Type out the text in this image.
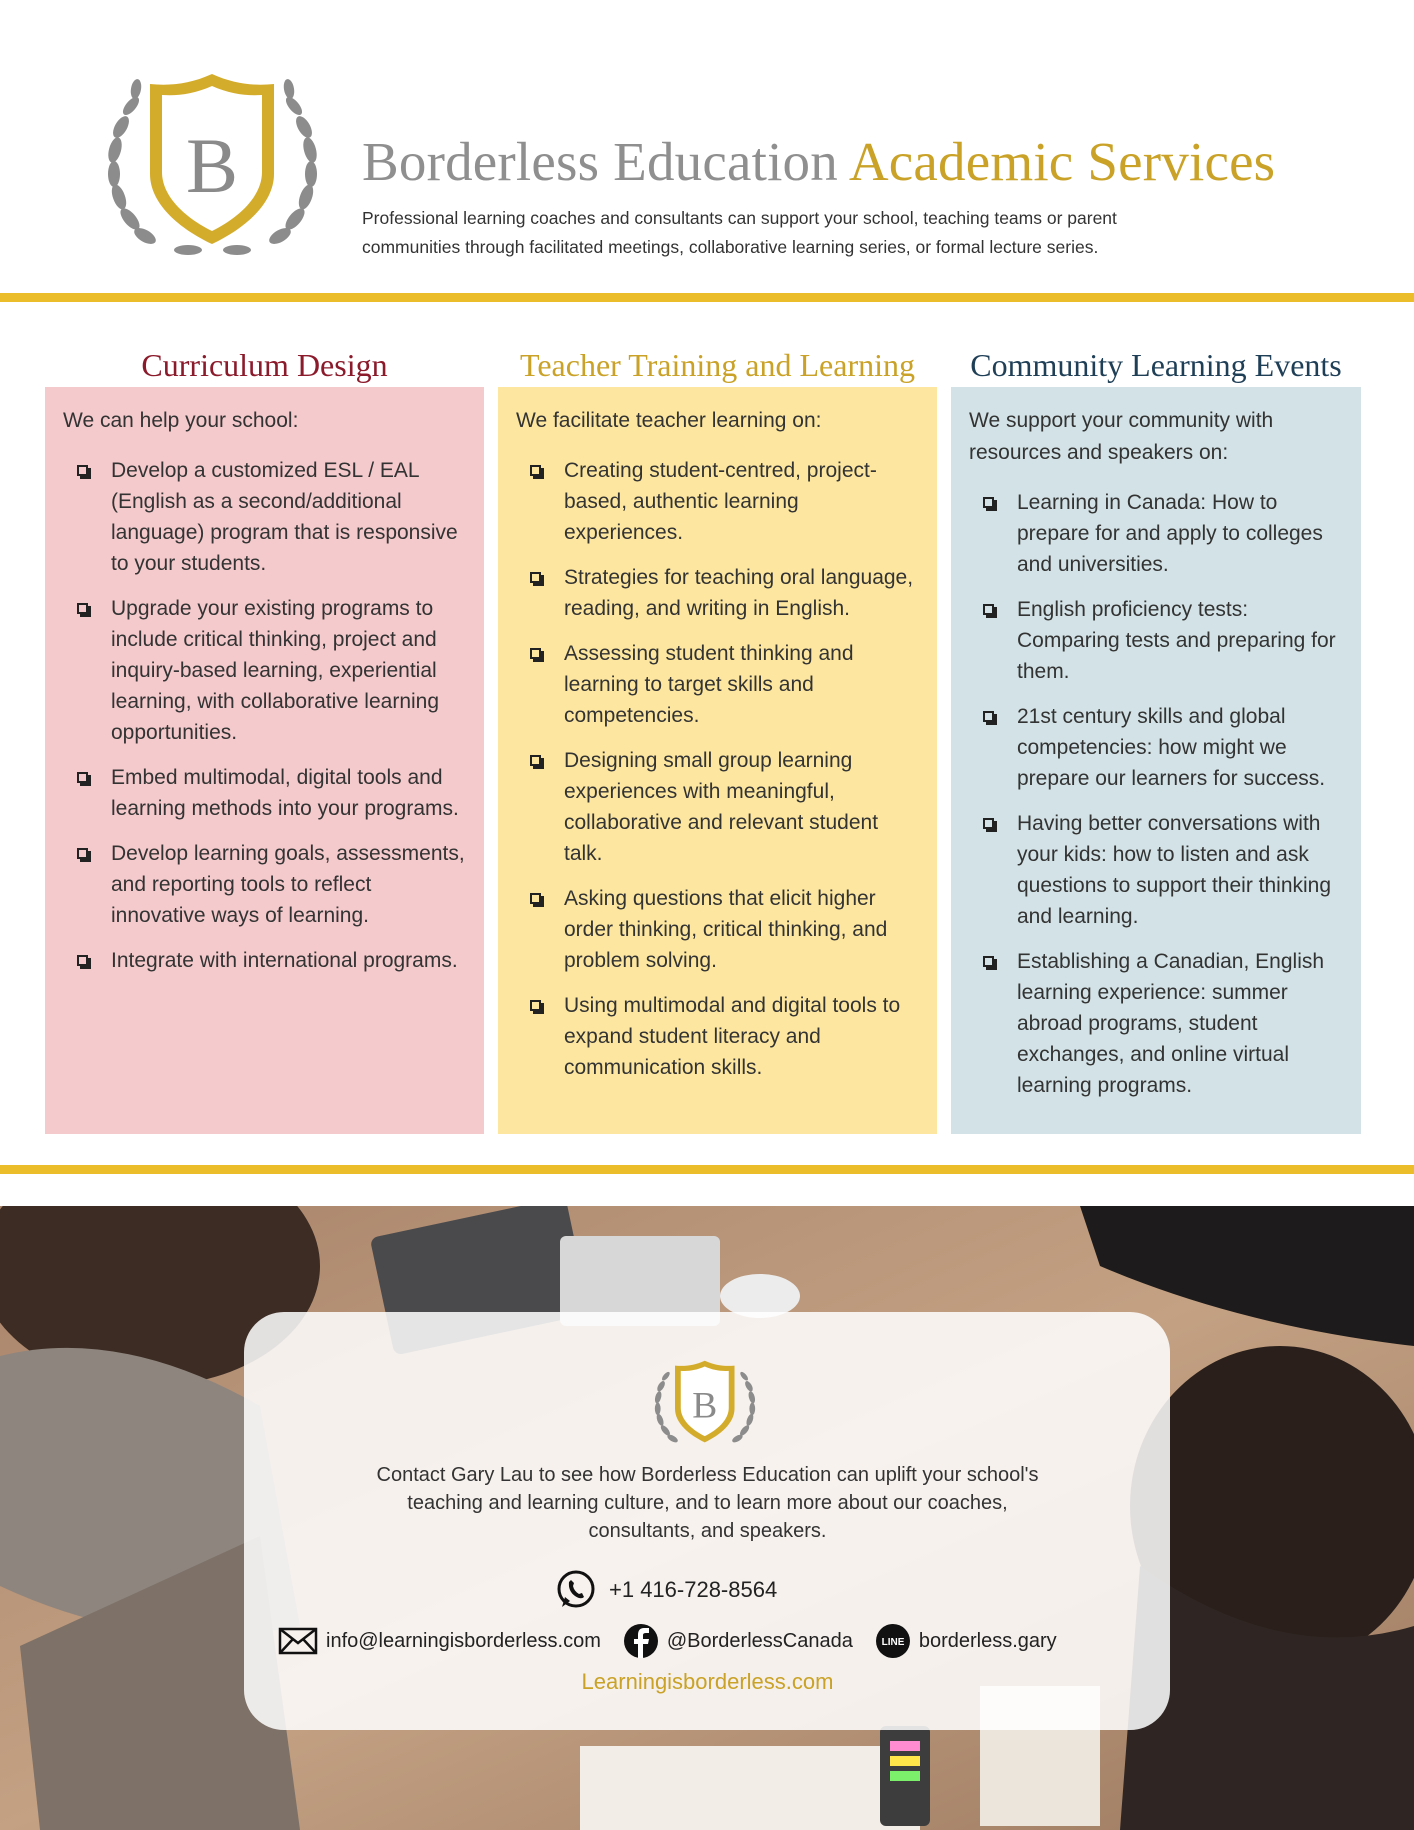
B Borderless Education Academic Services

Professional learning coaches and consultants can support your school, teaching teams or parent
communities through facilitated meetings, collaborative learning series, or formal lecture series.

Curriculum Design

We can help your school:

Develop a customized ESL / EAL (English as a second/additional language) program that is responsive to your students.
Upgrade your existing programs to include critical thinking, project and inquiry-based learning, experiential learning, with collaborative learning opportunities.
Embed multimodal, digital tools and learning methods into your programs.
Develop learning goals, assessments, and reporting tools to reflect innovative ways of learning.
Integrate with international programs.
Teacher Training and Learning

We facilitate teacher learning on:

Creating student-centred, project-based, authentic learning experiences.
Strategies for teaching oral language, reading, and writing in English.
Assessing student thinking and learning to target skills and competencies.
Designing small group learning experiences with meaningful, collaborative and relevant student talk.
Asking questions that elicit higher order thinking, critical thinking, and problem solving.
Using multimodal and digital tools to expand student literacy and communication skills.
Community Learning Events

We support your community with resources and speakers on:

Learning in Canada: How to prepare for and apply to colleges and universities.
English proficiency tests: Comparing tests and preparing for them.
21st century skills and global competencies: how might we prepare our learners for success.
Having better conversations with your kids: how to listen and ask questions to support their thinking and learning.
Establishing a Canadian, English learning experience: summer abroad programs, student exchanges, and online virtual learning programs.
B

Contact Gary Lau to see how Borderless Education can uplift your school's teaching and learning culture, and to learn more about our coaches, consultants, and speakers.

+1 416-728-8564
info@learningisborderless.com	@BorderlessCanada	LINE borderless.gary

Learningisborderless.com
